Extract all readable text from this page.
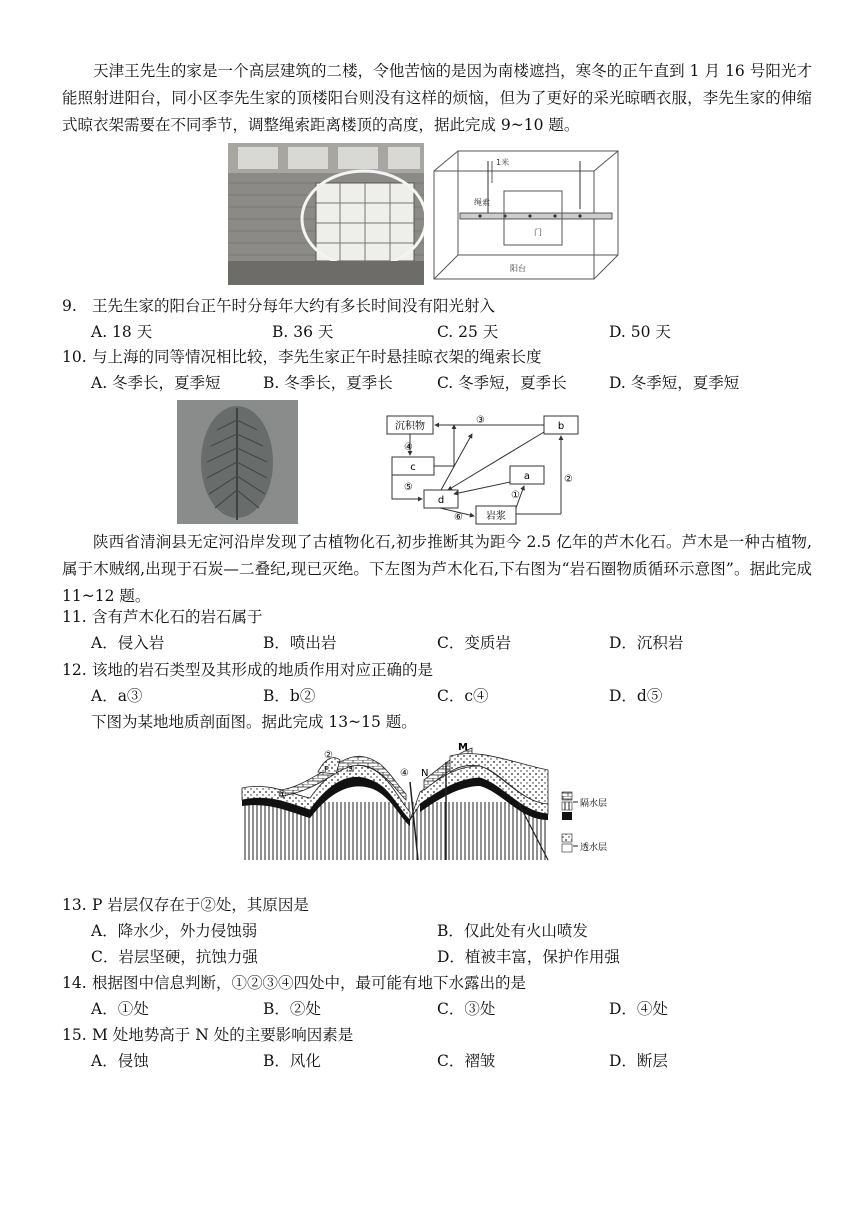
天津王先生的家是一个高层建筑的二楼，令他苦恼的是因为南楼遮挡，寒冬的正午直到 1 月 16 号阳光才能照射进阳台，同小区李先生家的顶楼阳台则没有这样的烦恼，但为了更好的采光晾晒衣服，李先生家的伸缩式晾衣架需要在不同季节，调整绳索距离楼顶的高度，据此完成 9~10 题。
1米
绳索
门
阳台
9. 王先生家的阳台正午时分每年大约有多长时间没有阳光射入
A. 18 天	B. 36 天	C. 25 天	D. 50 天
10. 与上海的同等情况相比较，李先生家正午时悬挂晾衣架的绳索长度
A. 冬季长，夏季短	B. 冬季长，夏季长	C. 冬季短，夏季长	D. 冬季短，夏季短
沉积物	b
c
a
d
岩浆
③
④
⑤
⑥
①
②
陕西省清涧县无定河沿岸发现了古植物化石,初步推断其为距今 2.5 亿年的芦木化石。芦木是一种古植物,属于木贼纲,出现于石炭—二叠纪,现已灭绝。下左图为芦木化石,下右图为“岩石圈物质循环示意图”。据此完成 11~12 题。
11. 含有芦木化石的岩石属于
A．侵入岩	B．喷出岩	C．变质岩	D．沉积岩
12. 该地的岩石类型及其形成的地质作用对应正确的是
A．a③	B．b②	C．c④	D．d⑤
下图为某地地质剖面图。据此完成 13~15 题。
M
N
P
①
②
③	④
隔水层
透水层
13. P 岩层仅存在于②处，其原因是
A．降水少，外力侵蚀弱	B．仅此处有火山喷发
C．岩层坚硬，抗蚀力强	D．植被丰富，保护作用强
14. 根据图中信息判断，①②③④四处中，最可能有地下水露出的是
A．①处	B．②处	C．③处	D．④处
15. M 处地势高于 N 处的主要影响因素是
A．侵蚀	B．风化	C．褶皱	D．断层
